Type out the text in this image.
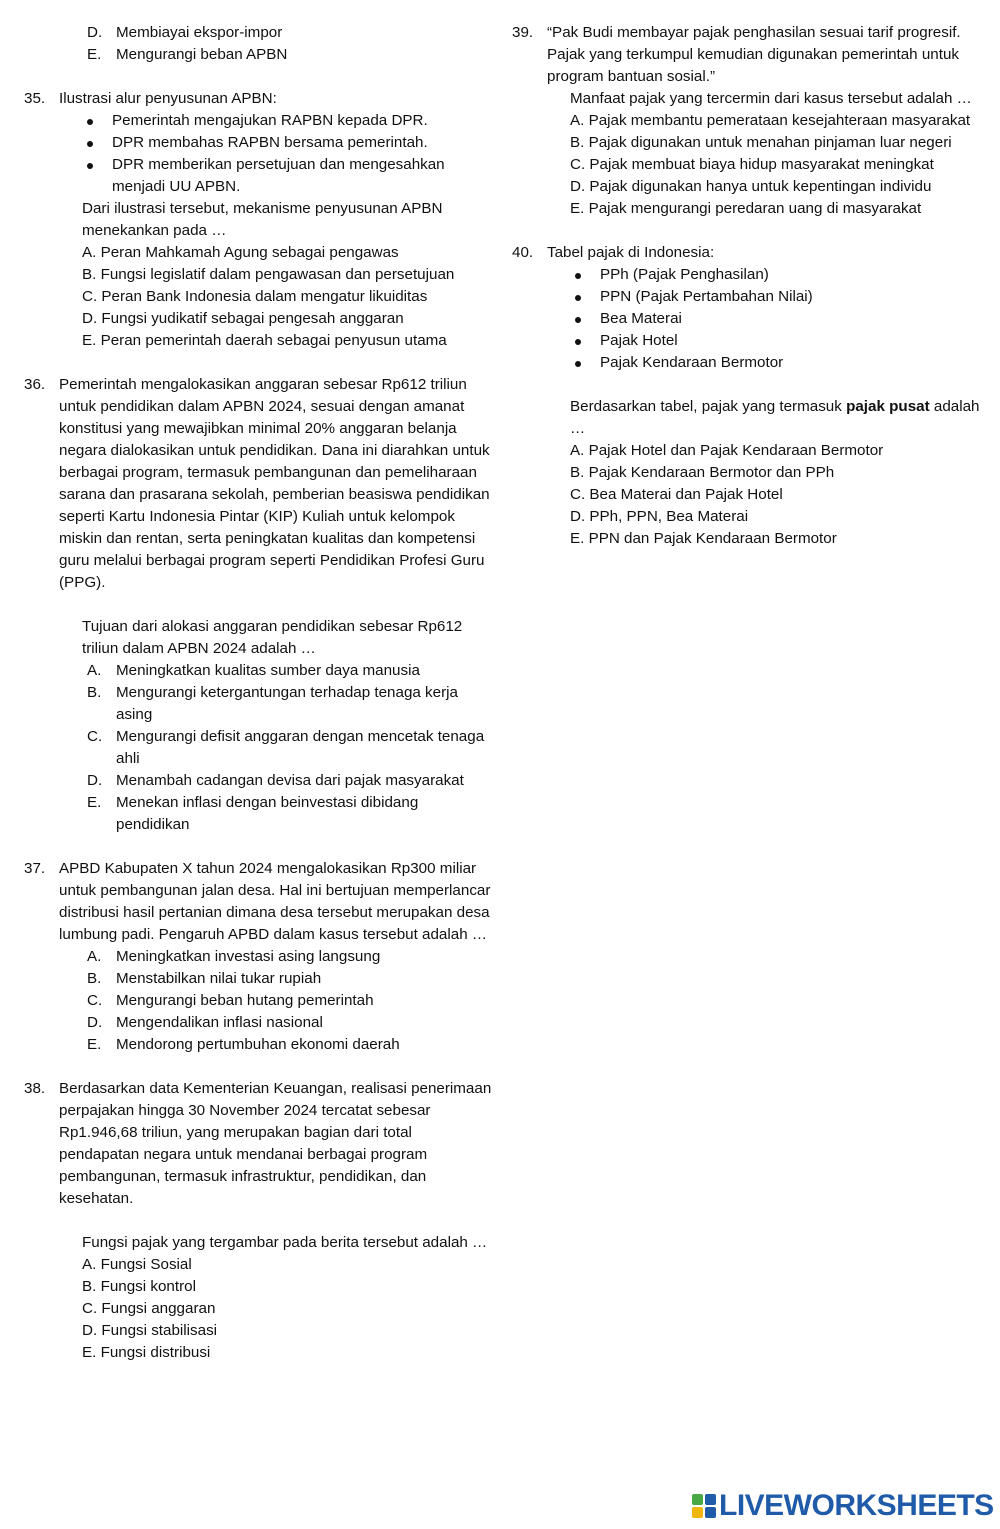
D. Membiayai ekspor-impor
E. Mengurangi beban APBN
35. Ilustrasi alur penyusunan APBN:
Pemerintah mengajukan RAPBN kepada DPR.
DPR membahas RAPBN bersama pemerintah.
DPR memberikan persetujuan dan mengesahkan menjadi UU APBN.
Dari ilustrasi tersebut, mekanisme penyusunan APBN menekankan pada …
A. Peran Mahkamah Agung sebagai pengawas
B. Fungsi legislatif dalam pengawasan dan persetujuan
C. Peran Bank Indonesia dalam mengatur likuiditas
D. Fungsi yudikatif sebagai pengesah anggaran
E. Peran pemerintah daerah sebagai penyusun utama
36. Pemerintah mengalokasikan anggaran sebesar Rp612 triliun untuk pendidikan dalam APBN 2024, sesuai dengan amanat konstitusi yang mewajibkan minimal 20% anggaran belanja negara dialokasikan untuk pendidikan. Dana ini diarahkan untuk berbagai program, termasuk pembangunan dan pemeliharaan sarana dan prasarana sekolah, pemberian beasiswa pendidikan seperti Kartu Indonesia Pintar (KIP) Kuliah untuk kelompok miskin dan rentan, serta peningkatan kualitas dan kompetensi guru melalui berbagai program seperti Pendidikan Profesi Guru (PPG).
Tujuan dari alokasi anggaran pendidikan sebesar Rp612 triliun dalam APBN 2024 adalah …
A. Meningkatkan kualitas sumber daya manusia
B. Mengurangi ketergantungan terhadap tenaga kerja asing
C. Mengurangi defisit anggaran dengan mencetak tenaga ahli
D. Menambah cadangan devisa dari pajak masyarakat
E. Menekan inflasi dengan beinvestasi dibidang pendidikan
37. APBD Kabupaten X tahun 2024 mengalokasikan Rp300 miliar untuk pembangunan jalan desa. Hal ini bertujuan memperlancar distribusi hasil pertanian dimana desa tersebut merupakan desa lumbung padi. Pengaruh APBD dalam kasus tersebut adalah …
A. Meningkatkan investasi asing langsung
B. Menstabilkan nilai tukar rupiah
C. Mengurangi beban hutang pemerintah
D. Mengendalikan inflasi nasional
E. Mendorong pertumbuhan ekonomi daerah
38. Berdasarkan data Kementerian Keuangan, realisasi penerimaan perpajakan hingga 30 November 2024 tercatat sebesar Rp1.946,68 triliun, yang merupakan bagian dari total pendapatan negara untuk mendanai berbagai program pembangunan, termasuk infrastruktur, pendidikan, dan kesehatan.
Fungsi pajak yang tergambar pada berita tersebut adalah …
A. Fungsi Sosial
B. Fungsi kontrol
C. Fungsi anggaran
D. Fungsi stabilisasi
E. Fungsi distribusi
39. “Pak Budi membayar pajak penghasilan sesuai tarif progresif. Pajak yang terkumpul kemudian digunakan pemerintah untuk program bantuan sosial.”
Manfaat pajak yang tercermin dari kasus tersebut adalah …
A. Pajak membantu pemerataan kesejahteraan masyarakat
B. Pajak digunakan untuk menahan pinjaman luar negeri
C. Pajak membuat biaya hidup masyarakat meningkat
D. Pajak digunakan hanya untuk kepentingan individu
E. Pajak mengurangi peredaran uang di masyarakat
40. Tabel pajak di Indonesia:
PPh (Pajak Penghasilan)
PPN (Pajak Pertambahan Nilai)
Bea Materai
Pajak Hotel
Pajak Kendaraan Bermotor
Berdasarkan tabel, pajak yang termasuk pajak pusat adalah …
A. Pajak Hotel dan Pajak Kendaraan Bermotor
B. Pajak Kendaraan Bermotor dan PPh
C. Bea Materai dan Pajak Hotel
D. PPh, PPN, Bea Materai
E. PPN dan Pajak Kendaraan Bermotor
LIVEWORKSHEETS
